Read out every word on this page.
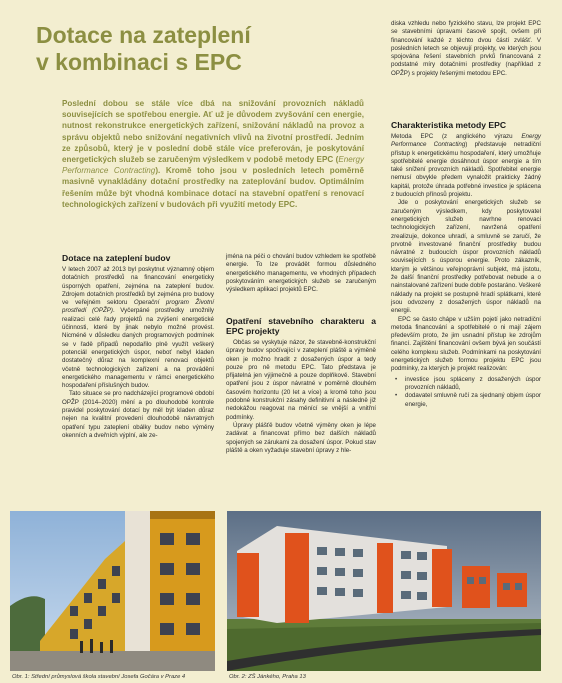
Dotace na zateplení
v kombinaci s EPC
Poslední dobou se stále více dbá na snižování provozních nákladů souvisejících se spotřebou energie. Ať už je důvodem zvyšování cen energie, nutnost rekonstrukce energetických zařízení, snižování nákladů na provoz a správu objektů nebo snižování negativních vlivů na životní prostředí. Jedním ze způsobů, který je v poslední době stále více preferován, je poskytování energetických služeb se zaručeným výsledkem v podobě metody EPC (Energy Performance Contracting). Kromě toho jsou v posledních letech poměrně masivně vynakládány dotační prostředky na zateplování budov. Optimálním řešením může být vhodná kombinace dotací na stavební opatření s renovací technologických zařízení v budovách při využití metody EPC.
Dotace na zateplení budov

V letech 2007 až 2013 byl poskytnut významný objem dotačních prostředků na financování energeticky úsporných opatření, zejména na zateplení budov. Zdrojem dotačních prostředků byl zejména pro budovy ve veřejném sektoru Operační program Životní prostředí (OPŽP). Vyčerpáné prostředky umožnily realizaci celé řady projektů na zvýšení energetické účinnosti, které by jinak nebylo možné provést. Nicméně v důsledku daných programových podmínek se v řadě případů nepodařilo plně využít veškerý potenciál energetických úspor, neboť nebyl kladen dostatečný důraz na komplexní renovaci objektů včetně technologických zařízení a na provádění energetického managementu v rámci energetického hospodaření příslušných budov.

Tato situace se pro nadcházející programové období OPŽP (2014–2020) mění a po dlouhodobé kontrole pravidel poskytování dotací by měl být kladen důraz nejen na kvalitní provedení dlouhodobě návratných opatření typu zateplení obálky budov nebo výměny okenních a dveřních výplní, ale ze-

jména na péči o chování budov vzhledem ke spotřebě energie. To lze provádět formou důsledného energetického managementu, ve vhodných případech poskytováním energetických služeb se zaručeným výsledkem aplikací projektů EPC.

Opatření stavebního charakteru a EPC projekty

Občas se vyskytuje názor, že stavebně-konstrukční úpravy budov spočívající v zateplení pláště a výměně oken je možno hradit z dosažených úspor a tedy pouze pro ně metodu EPC. Tato představa je přijatelná jen výjimečně a pouze doplňkově. Stavební opatření jsou z úspor návratné v poměrně dlouhém časovém horizontu (20 let a více) a kromě toho jsou podobné konstrukční zásahy definitivní a následně již nedokážou reagovat na měnící se vnější a vnitřní podmínky.

Úpravy plášťě budov včetně výměny oken je lépe zadávat a financovat přímo bez dalších nákladů spojených se zárukami za dosažení úspor. Pokud stav pláště a oken vyžaduje stavební úpravy z hle-

diska vzhledu nebo fyzického stavu, lze projekt EPC se stavebními úpravami časově spojit, ovšem při financování každé z těchto dvou částí zvlášť. V posledních letech se objevují projekty, ve kterých jsou spojována řešení stavebních prvků financovaná z podstatné míry dotačními prostředky (například z OPŽP) s projekty řešenými metodou EPC.

Charakteristika metody EPC

Metoda EPC (z anglického výrazu Energy Performance Contracting) představuje netradiční přístup k energetickému hospodaření, který umožňuje spotřebitelé energie dosáhnout úspor energie a tím také snížení provozních nákladů. Spotřebitel energie nemusí obvykle předem vynaložit prakticky žádný kapitál, protože úhrada potřebné investice je splácena z budoucích přínosů projektu.

Jde o poskytování energetických služeb se zaručeným výsledkem, kdy poskytovatel energetických služeb navrhne renovaci technologických zařízení, navržená opatření zrealizuje, dokonce uhradí, a smluvně se zaručí, že prvotně investované finanční prostředky budou návratné z budoucích úspor provozních nákladů souvisejících s úsporou energie. Proto zákazník, kterým je většinou veřejnoprávní subjekt, má jistotu, že další finanční prostředky potřebovat nebude a o nainstalované zařízení bude dobře postaráno. Veškeré náklady na projekt se postupně hradí splátkami, které jsou odvozeny z dosažených úspor nákladů na energii.

EPC se často chápe v užším pojetí jako netradiční metoda financování a spotřebitelé o ni mají zájem především proto, že jim usnadní přístup ke zdrojům financí. Zajištění financování ovšem bývá jen součástí celého komplexu služeb. Podmínkami na poskytování energetických služeb formou projektu EPC jsou podmínky, za kterých je projekt realizován:

• investice jsou spláceny z dosažených úspor provozních nákladů,
• dodavatel smluvně ručí za sjednaný objem úspor energie,
Obr. 1: Střední průmyslová škola stavební Josefa Gočára v Praze 4	Obr. 2: ZŠ Jánkého, Praha 13
